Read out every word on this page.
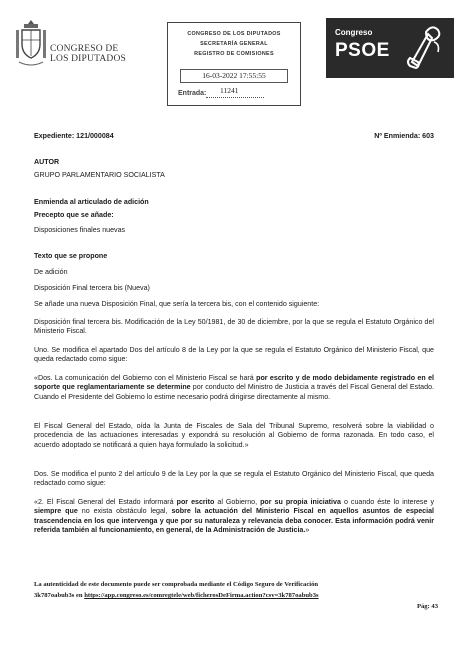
CONGRESO DE
LOS DIPUTADOS
CONGRESO DE LOS DIPUTADOS
SECRETARÍA GENERAL
REGISTRO DE COMISIONES
16-03-2022 17:55:55
Entrada: 11241
Congreso
PSOE
Expediente: 121/000084	Nº Enmienda: 603
AUTOR
GRUPO PARLAMENTARIO SOCIALISTA
Enmienda al articulado de adición
Precepto que se añade:
Disposiciones finales nuevas
Texto que se propone
De adición
Disposición Final tercera bis (Nueva)
Se añade una nueva Disposición Final, que sería la tercera bis, con el contenido siguiente:
Disposición final tercera bis. Modificación de la Ley 50/1981, de 30 de diciembre, por la que se regula el Estatuto Orgánico del Ministerio Fiscal.
Uno. Se modifica el apartado Dos del artículo 8 de la Ley por la que se regula el Estatuto Orgánico del Ministerio Fiscal, que queda redactado como sigue:
«Dos. La comunicación del Gobierno con el Ministerio Fiscal se hará por escrito y de modo debidamente registrado en el soporte que reglamentariamente se determine por conducto del Ministro de Justicia a través del Fiscal General del Estado. Cuando el Presidente del Gobierno lo estime necesario podrá dirigirse directamente al mismo.
El Fiscal General del Estado, oída la Junta de Fiscales de Sala del Tribunal Supremo, resolverá sobre la viabilidad o procedencia de las actuaciones interesadas y expondrá su resolución al Gobierno de forma razonada. En todo caso, el acuerdo adoptado se notificará a quien haya formulado la solicitud.»
Dos. Se modifica el punto 2 del artículo 9 de la Ley por la que se regula el Estatuto Orgánico del Ministerio Fiscal, que queda redactado como sigue:
«2. El Fiscal General del Estado informará por escrito al Gobierno, por su propia iniciativa o cuando éste lo interese y siempre que no exista obstáculo legal, sobre la actuación del Ministerio Fiscal en aquellos asuntos de especial trascendencia en los que intervenga y que por su naturaleza y relevancia deba conocer. Esta información podrá venir referida también al funcionamiento, en general, de la Administración de Justicia.»
La autenticidad de este documento puede ser comprobada mediante el Código Seguro de Verificación
3k787oabub3s en https://app.congreso.es/comregtele/web/ficherosDeFirma.action?csv=3k787oabub3s
Pág: 43
